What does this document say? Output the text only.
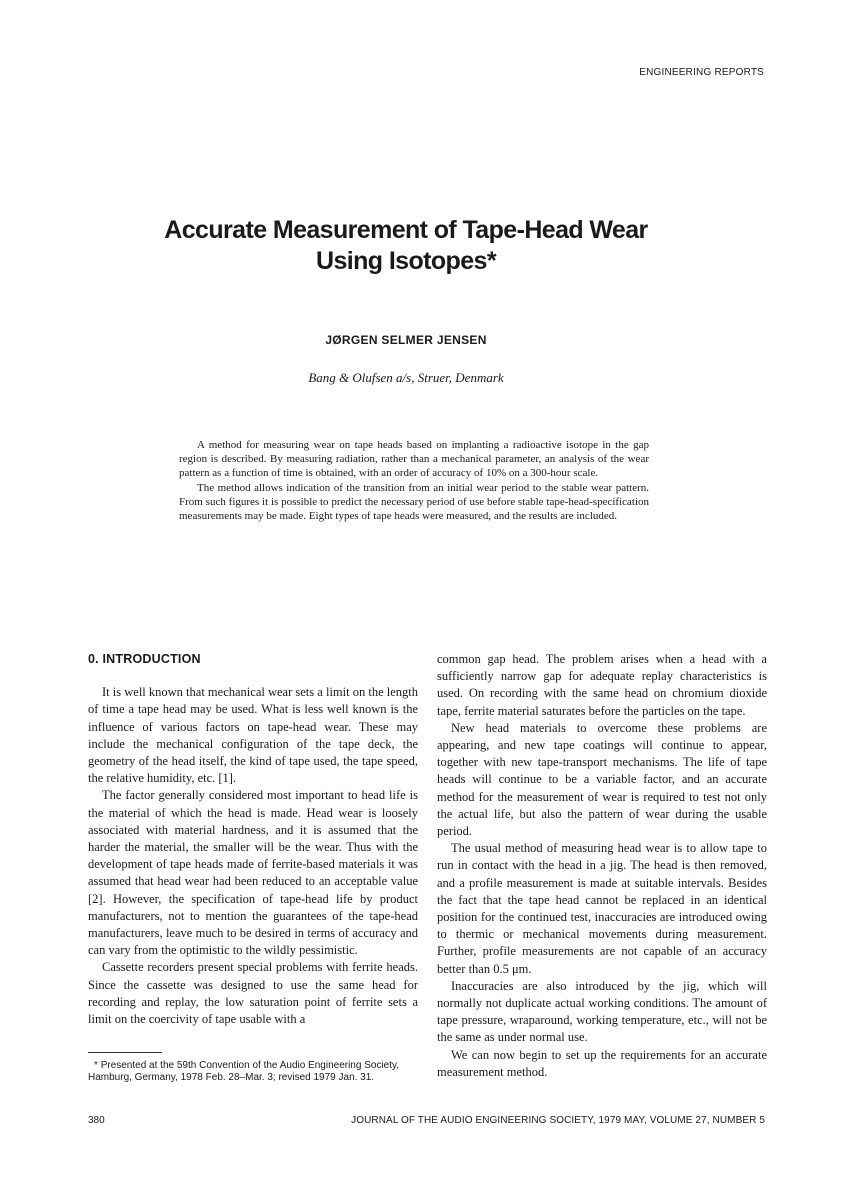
ENGINEERING REPORTS
Accurate Measurement of Tape-Head Wear
Using Isotopes*
JØRGEN SELMER JENSEN
Bang & Olufsen a/s, Struer, Denmark

A method for measuring wear on tape heads based on implanting a radioactive isotope in the gap region is described. By measuring radiation, rather than a mechanical parameter, an analysis of the wear pattern as a function of time is obtained, with an order of accuracy of 10% on a 300-hour scale.

The method allows indication of the transition from an initial wear period to the stable wear pattern. From such figures it is possible to predict the necessary period of use before stable tape-head-specification measurements may be made. Eight types of tape heads were measured, and the results are included.

0. INTRODUCTION

It is well known that mechanical wear sets a limit on the length of time a tape head may be used. What is less well known is the influence of various factors on tape-head wear. These may include the mechanical configuration of the tape deck, the geometry of the head itself, the kind of tape used, the tape speed, the relative humidity, etc. [1].

The factor generally considered most important to head life is the material of which the head is made. Head wear is loosely associated with material hardness, and it is assumed that the harder the material, the smaller will be the wear. Thus with the development of tape heads made of ferrite-based materials it was assumed that head wear had been reduced to an acceptable value [2]. However, the specification of tape-head life by product manufacturers, not to mention the guarantees of the tape-head manufacturers, leave much to be desired in terms of accuracy and can vary from the optimistic to the wildly pessimistic.

Cassette recorders present special problems with ferrite heads. Since the cassette was designed to use the same head for recording and replay, the low saturation point of ferrite sets a limit on the coercivity of tape usable with a

common gap head. The problem arises when a head with a sufficiently narrow gap for adequate replay characteristics is used. On recording with the same head on chromium dioxide tape, ferrite material saturates before the particles on the tape.

New head materials to overcome these problems are appearing, and new tape coatings will continue to appear, together with new tape-transport mechanisms. The life of tape heads will continue to be a variable factor, and an accurate method for the measurement of wear is required to test not only the actual life, but also the pattern of wear during the usable period.

The usual method of measuring head wear is to allow tape to run in contact with the head in a jig. The head is then removed, and a profile measurement is made at suitable intervals. Besides the fact that the tape head cannot be replaced in an identical position for the continued test, inaccuracies are introduced owing to thermic or mechanical movements during measurement. Further, profile measurements are not capable of an accuracy better than 0.5 μm.

Inaccuracies are also introduced by the jig, which will normally not duplicate actual working conditions. The amount of tape pressure, wraparound, working temperature, etc., will not be the same as under normal use.

We can now begin to set up the requirements for an accurate measurement method.

* Presented at the 59th Convention of the Audio Engineering Society, Hamburg, Germany, 1978 Feb. 28–Mar. 3; revised 1979 Jan. 31.
380	JOURNAL OF THE AUDIO ENGINEERING SOCIETY, 1979 MAY, VOLUME 27, NUMBER 5
